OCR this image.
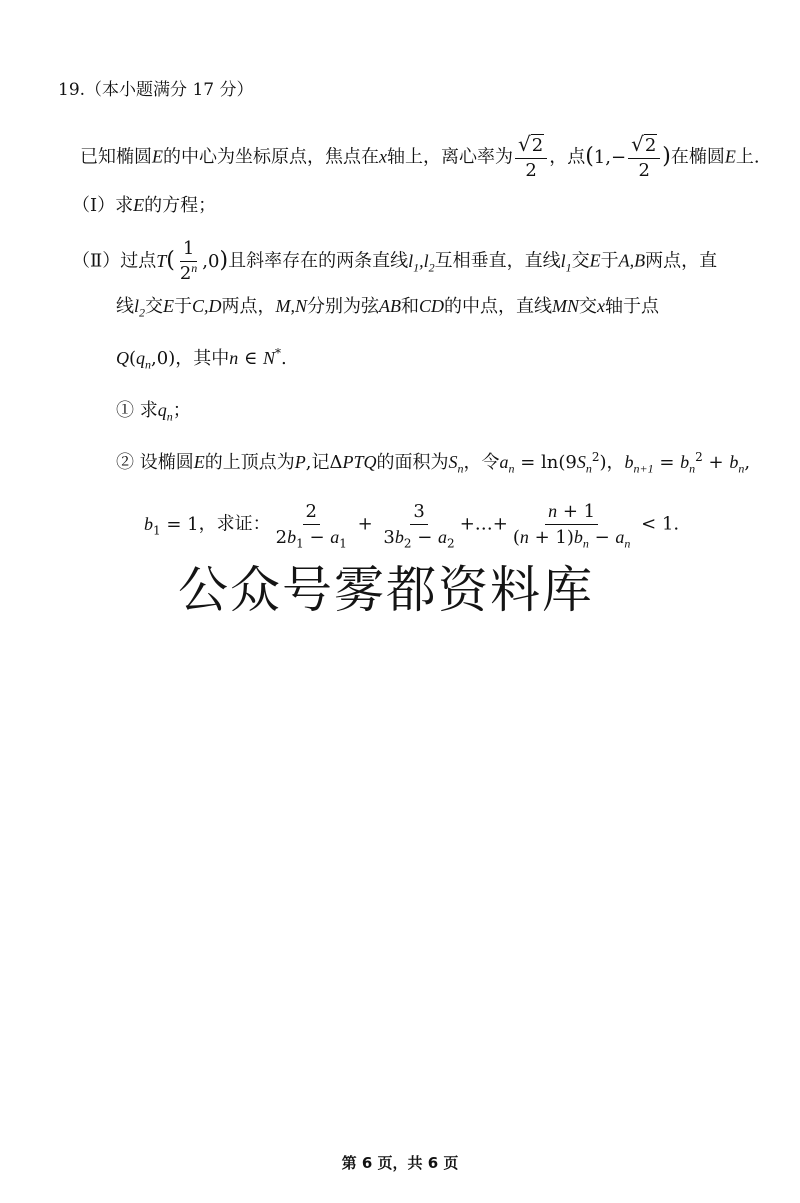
19.（本小题满分 17 分）
已知椭圆E的中心为坐标原点，焦点在x轴上，离心率为 $\frac{√2}{2}$ ，点($1,- \frac{√2}{2}$ )在椭圆E上.
（Ⅰ）求E的方程；
（Ⅱ）过点$T( \frac{1}{2^n} ,0)$且斜率存在的两条直线$l_1,l_2$互相垂直，直线$l_1$交E于A,B两点，直
线$l_2$交E于C,D两点，M,N分别为弦AB和CD的中点，直线MN交x轴于点
$Q(q_n,0)$，其中n ∈ N*.
① 求$q_n$；
② 设椭圆E的上顶点为P,记ΔPTQ的面积为$S_n$，令$a_n = \ln(9S_n^2)$，$b_{n+1} = b_n^2 + b_n$,
$b_1 = 1$，求证： $\frac{2}{2b_1 - a_1} + \frac{3}{3b_2 - a_2}$ +…+ $\frac{n + 1}{(n + 1)b_n - a_n} < 1$.
公众号雾都资料库
第 6 页，共 6 页
